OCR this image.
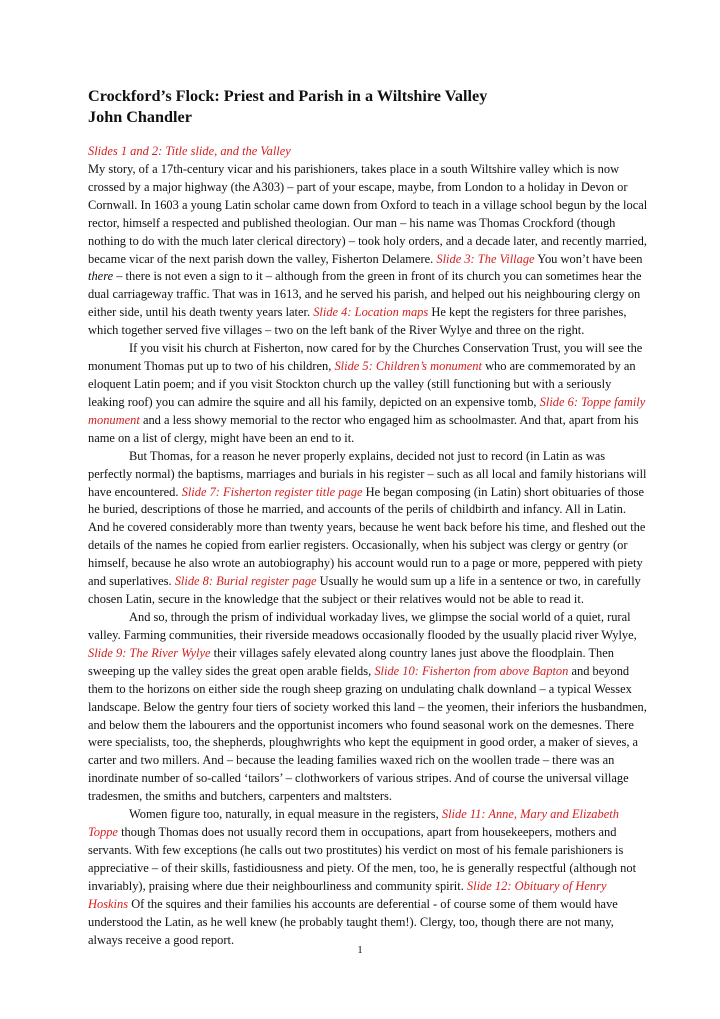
Crockford’s Flock: Priest and Parish in a Wiltshire Valley
John Chandler
Slides 1 and 2: Title slide, and the Valley

My story, of a 17th-century vicar and his parishioners, takes place in a south Wiltshire valley which is now crossed by a major highway (the A303) – part of your escape, maybe, from London to a holiday in Devon or Cornwall. In 1603 a young Latin scholar came down from Oxford to teach in a village school begun by the local rector, himself a respected and published theologian. Our man – his name was Thomas Crockford (though nothing to do with the much later clerical directory) – took holy orders, and a decade later, and recently married, became vicar of the next parish down the valley, Fisherton Delamere. Slide 3: The Village You won’t have been there – there is not even a sign to it – although from the green in front of its church you can sometimes hear the dual carriageway traffic. That was in 1613, and he served his parish, and helped out his neighbouring clergy on either side, until his death twenty years later. Slide 4: Location maps He kept the registers for three parishes, which together served five villages – two on the left bank of the River Wylye and three on the right.

If you visit his church at Fisherton, now cared for by the Churches Conservation Trust, you will see the monument Thomas put up to two of his children, Slide 5: Children’s monument who are commemorated by an eloquent Latin poem; and if you visit Stockton church up the valley (still functioning but with a seriously leaking roof) you can admire the squire and all his family, depicted on an expensive tomb, Slide 6: Toppe family monument and a less showy memorial to the rector who engaged him as schoolmaster. And that, apart from his name on a list of clergy, might have been an end to it.

But Thomas, for a reason he never properly explains, decided not just to record (in Latin as was perfectly normal) the baptisms, marriages and burials in his register – such as all local and family historians will have encountered. Slide 7: Fisherton register title page He began composing (in Latin) short obituaries of those he buried, descriptions of those he married, and accounts of the perils of childbirth and infancy. All in Latin. And he covered considerably more than twenty years, because he went back before his time, and fleshed out the details of the names he copied from earlier registers. Occasionally, when his subject was clergy or gentry (or himself, because he also wrote an autobiography) his account would run to a page or more, peppered with piety and superlatives. Slide 8: Burial register page Usually he would sum up a life in a sentence or two, in carefully chosen Latin, secure in the knowledge that the subject or their relatives would not be able to read it.

And so, through the prism of individual workaday lives, we glimpse the social world of a quiet, rural valley. Farming communities, their riverside meadows occasionally flooded by the usually placid river Wylye, Slide 9: The River Wylye their villages safely elevated along country lanes just above the floodplain. Then sweeping up the valley sides the great open arable fields, Slide 10: Fisherton from above Bapton and beyond them to the horizons on either side the rough sheep grazing on undulating chalk downland – a typical Wessex landscape. Below the gentry four tiers of society worked this land – the yeomen, their inferiors the husbandmen, and below them the labourers and the opportunist incomers who found seasonal work on the demesnes. There were specialists, too, the shepherds, ploughwrights who kept the equipment in good order, a maker of sieves, a carter and two millers. And – because the leading families waxed rich on the woollen trade – there was an inordinate number of so-called ‘tailors’ – clothworkers of various stripes. And of course the universal village tradesmen, the smiths and butchers, carpenters and maltsters.

Women figure too, naturally, in equal measure in the registers, Slide 11: Anne, Mary and Elizabeth Toppe though Thomas does not usually record them in occupations, apart from housekeepers, mothers and servants. With few exceptions (he calls out two prostitutes) his verdict on most of his female parishioners is appreciative – of their skills, fastidiousness and piety. Of the men, too, he is generally respectful (although not invariably), praising where due their neighbourliness and community spirit. Slide 12: Obituary of Henry Hoskins Of the squires and their families his accounts are deferential - of course some of them would have understood the Latin, as he well knew (he probably taught them!). Clergy, too, though there are not many, always receive a good report.

1
